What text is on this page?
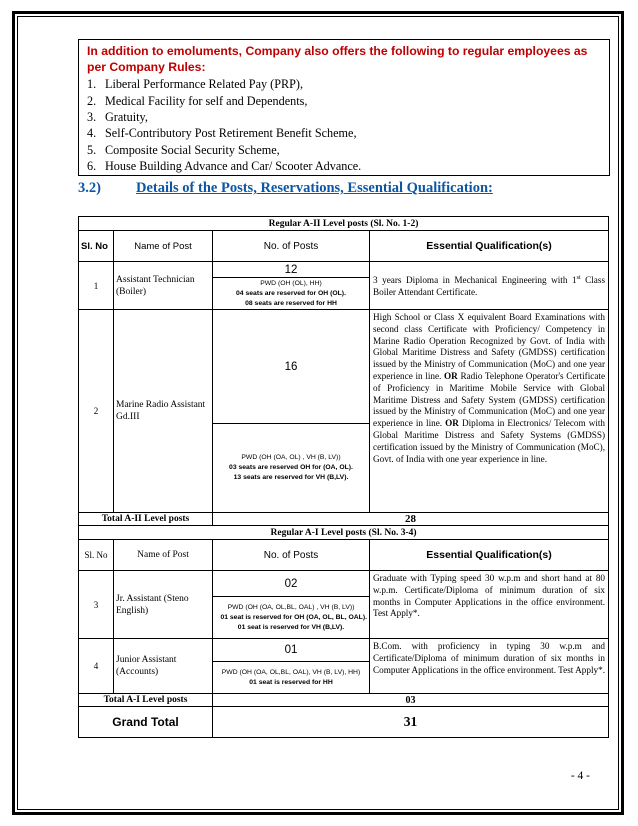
In addition to emoluments, Company also offers the following to regular employees as per Company Rules:
1. Liberal Performance Related Pay (PRP),
2. Medical Facility for self and Dependents,
3. Gratuity,
4. Self-Contributory Post Retirement Benefit Scheme,
5. Composite Social Security Scheme,
6. House Building Advance and Car/ Scooter Advance.
3.2) Details of the Posts, Reservations, Essential Qualification:
Regular A-II Level posts (Sl. No. 1-2)			
Sl. No	Name of Post	No. of Posts	Essential Qualification(s)
1	Assistant Technician (Boiler)	12	3 years Diploma in Mechanical Engineering with 1st Class Boiler Attendant Certificate.

		PWD (OH (OL), HH)
04 seats are reserved for OH (OL).
08 seats are reserved for HH	

2	Marine Radio Assistant Gd.III	16	High School or Class X equivalent Board Examinations with second class Certificate with Proficiency/ Competency in Marine Radio Operation Recognized by Govt. of India with Global Maritime Distress and Safety (GMDSS) certification issued by the Ministry of Communication (MoC) and one year experience in line. OR Radio Telephone Operator's Certificate of Proficiency in Maritime Mobile Service with Global Maritime Distress and Safety System (GMDSS) certification issued by the Ministry of Communication (MoC) and one year experience in line. OR Diploma in Electronics/ Telecom with Global Maritime Distress and Safety Systems (GMDSS) certification issued by the Ministry of Communication (MoC), Govt. of India with one year experience in line.

		PWD (OH (OA, OL) , VH (B, LV))
03 seats are reserved OH for (OA, OL).
13 seats are reserved for VH (B,LV).	

Total A-II Level posts		28	
Regular A-I Level posts (Sl. No. 3-4)			
Sl. No	Name of Post	No. of Posts	Essential Qualification(s)
3	Jr. Assistant (Steno English)	02	Graduate with Typing speed 30 w.p.m and short hand at 80 w.p.m. Certificate/Diploma of minimum duration of six months in Computer Applications in the office environment. Test Apply*.

		PWD (OH (OA, OL,BL, OAL) , VH (B, LV))
01 seat is reserved for OH (OA, OL, BL, OAL).
01 seat is reserved for VH (B,LV).	

4	Junior Assistant (Accounts)	01	B.Com. with proficiency in typing 30 w.p.m and Certificate/Diploma of minimum duration of six months in Computer Applications in the office environment. Test Apply*.

		PWD (OH (OA, OL,BL, OAL), VH (B, LV), HH)
01 seat is reserved for HH	

Total A-I Level posts		03	
Grand Total		31	
- 4 -
